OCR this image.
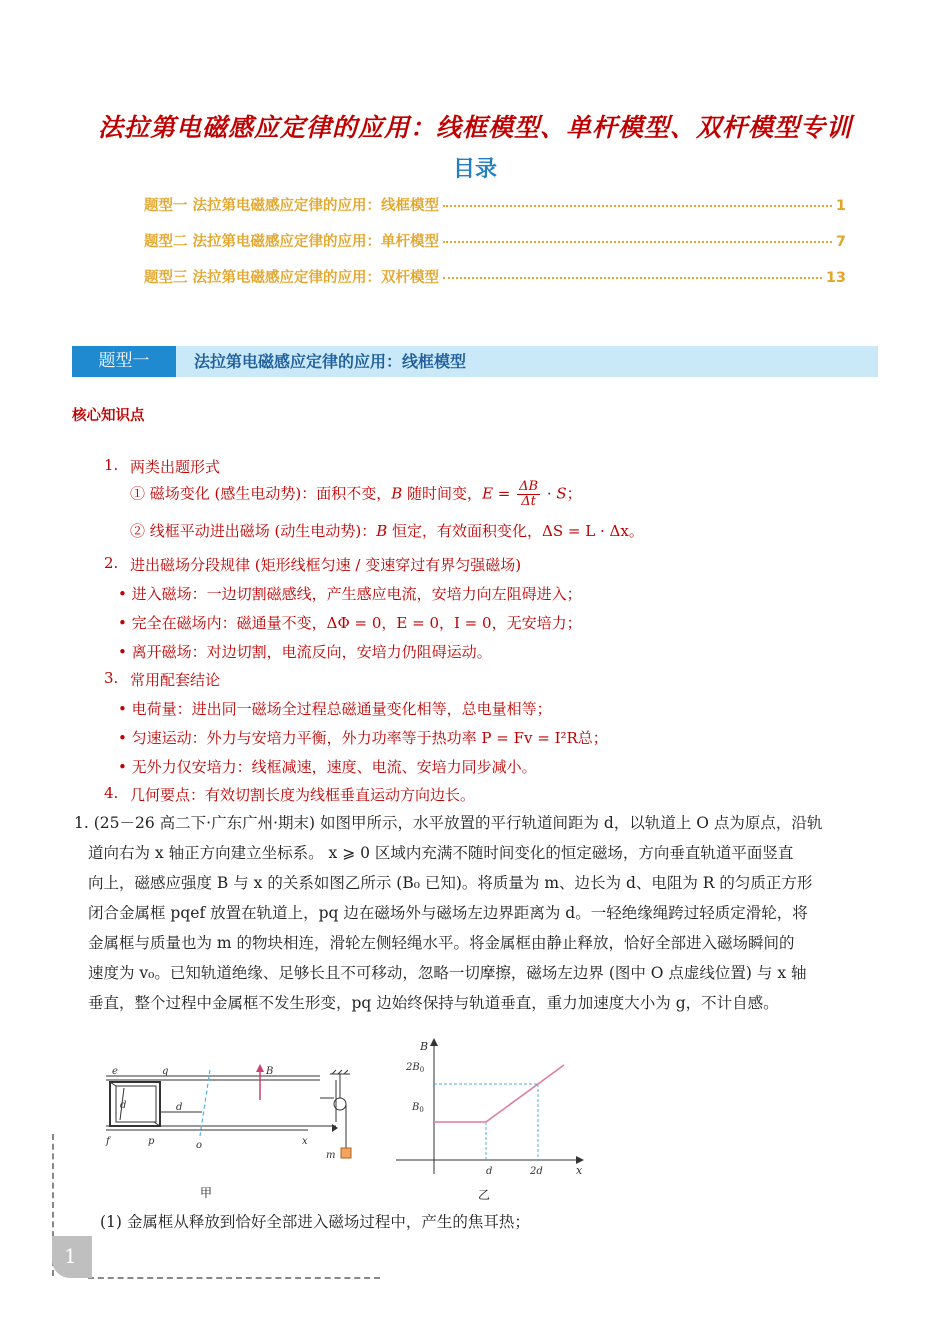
法拉第电磁感应定律的应用：线框模型、单杆模型、双杆模型专训
目录
题型一 法拉第电磁感应定律的应用：线框模型	1
题型二 法拉第电磁感应定律的应用：单杆模型	7
题型三 法拉第电磁感应定律的应用：双杆模型	13
题型一	法拉第电磁感应定律的应用：线框模型
核心知识点
1. 两类出题形式
① 磁场变化 (感生电动势)：面积不变，B 随时间变，$E = \frac{\Delta B}{\Delta t} \cdot S$；
② 线框平动进出磁场 (动生电动势)：B 恒定，有效面积变化，ΔS = L · Δx。
2. 进出磁场分段规律 (矩形线框匀速 / 变速穿过有界匀强磁场)
• 进入磁场：一边切割磁感线，产生感应电流，安培力向左阻碍进入；
• 完全在磁场内：磁通量不变，ΔΦ = 0，E = 0，I = 0，无安培力；
• 离开磁场：对边切割，电流反向，安培力仍阻碍运动。
3. 常用配套结论
• 电荷量：进出同一磁场全过程总磁通量变化相等，总电量相等；
• 匀速运动：外力与安培力平衡，外力功率等于热功率 P = Fv = I²R总；
• 无外力仅安培力：线框减速，速度、电流、安培力同步减小。
4. 几何要点：有效切割长度为线框垂直运动方向边长。
1. (25－26 高二下·广东广州·期末) 如图甲所示，水平放置的平行轨道间距为 d，以轨道上 O 点为原点，沿轨
道向右为 x 轴正方向建立坐标系。 x ⩾ 0 区域内充满不随时间变化的恒定磁场，方向垂直轨道平面竖直
向上，磁感应强度 B 与 x 的关系如图乙所示 (B₀ 已知)。将质量为 m、边长为 d、电阻为 R 的匀质正方形
闭合金属框 pqef 放置在轨道上，pq 边在磁场外与磁场左边界距离为 d。一轻绝缘绳跨过轻质定滑轮，将
金属框与质量也为 m 的物块相连，滑轮左侧轻绳水平。将金属框由静止释放，恰好全部进入磁场瞬间的
速度为 v₀。已知轨道绝缘、足够长且不可移动，忽略一切摩擦，磁场左边界 (图中 O 点虚线位置) 与 x 轴
垂直，整个过程中金属框不发生形变，pq 边始终保持与轨道垂直，重力加速度大小为 g，不计自感。
e	q
f	p	o
d	d
B
x
m
甲
B
x
$2B_0$
$B_0$
d	2d
乙
(1) 金属框从释放到恰好全部进入磁场过程中，产生的焦耳热；
1
